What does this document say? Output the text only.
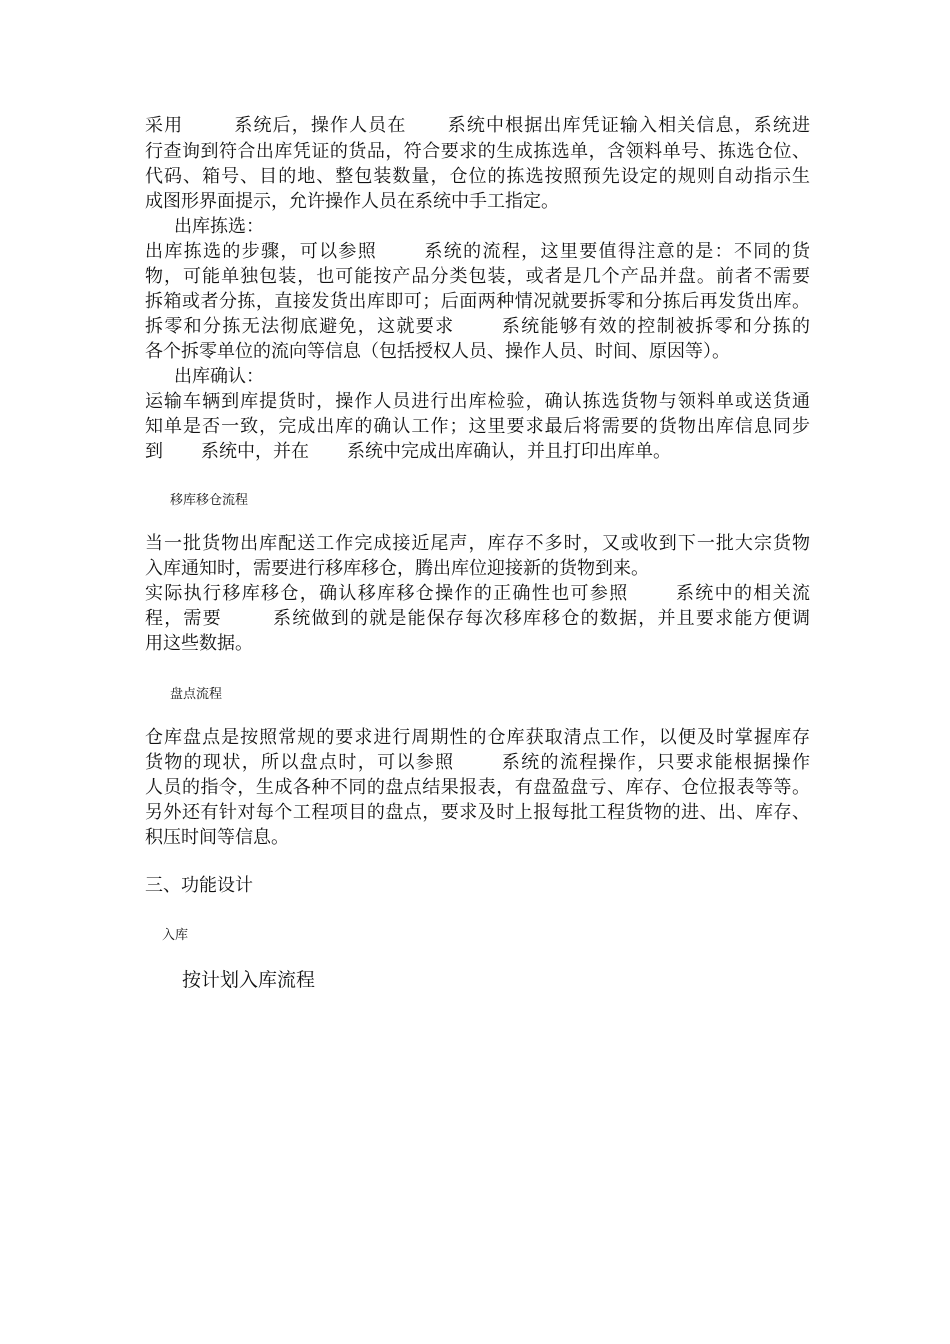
采用	系统后，操作人员在 系统中根据出库凭证输入相关信息，系统进
行查询到符合出库凭证的货品，符合要求的生成拣选单，含领料单号、拣选仓位、
代码、箱号、目的地、整包装数量，仓位的拣选按照预先设定的规则自动指示生
成图形界面提示，允许操作人员在系统中手工指定。
出库拣选：
出库拣选的步骤，可以参照	系统的流程，这里要值得注意的是：不同的货
物，可能单独包装，也可能按产品分类包装，或者是几个产品并盘。前者不需要
拆箱或者分拣，直接发货出库即可；后面两种情况就要拆零和分拣后再发货出库。
拆零和分拣无法彻底避免，这就要求	系统能够有效的控制被拆零和分拣的
各个拆零单位的流向等信息（包括授权人员、操作人员、时间、原因等）。
出库确认：
运输车辆到库提货时，操作人员进行出库检验，确认拣选货物与领料单或送货通
知单是否一致，完成出库的确认工作；这里要求最后将需要的货物出库信息同步
到 系统中，并在 系统中完成出库确认，并且打印出库单。
移库移仓流程
当一批货物出库配送工作完成接近尾声，库存不多时，又或收到下一批大宗货物
入库通知时，需要进行移库移仓，腾出库位迎接新的货物到来。
实际执行移库移仓，确认移库移仓操作的正确性也可参照	系统中的相关流
程，需要	系统做到的就是能保存每次移库移仓的数据，并且要求能方便调
用这些数据。
盘点流程
仓库盘点是按照常规的要求进行周期性的仓库获取清点工作，以便及时掌握库存
货物的现状，所以盘点时，可以参照	系统的流程操作，只要求能根据操作
人员的指令，生成各种不同的盘点结果报表，有盘盈盘亏、库存、仓位报表等等。
另外还有针对每个工程项目的盘点，要求及时上报每批工程货物的进、出、库存、
积压时间等信息。
三、功能设计
入库
按计划入库流程
